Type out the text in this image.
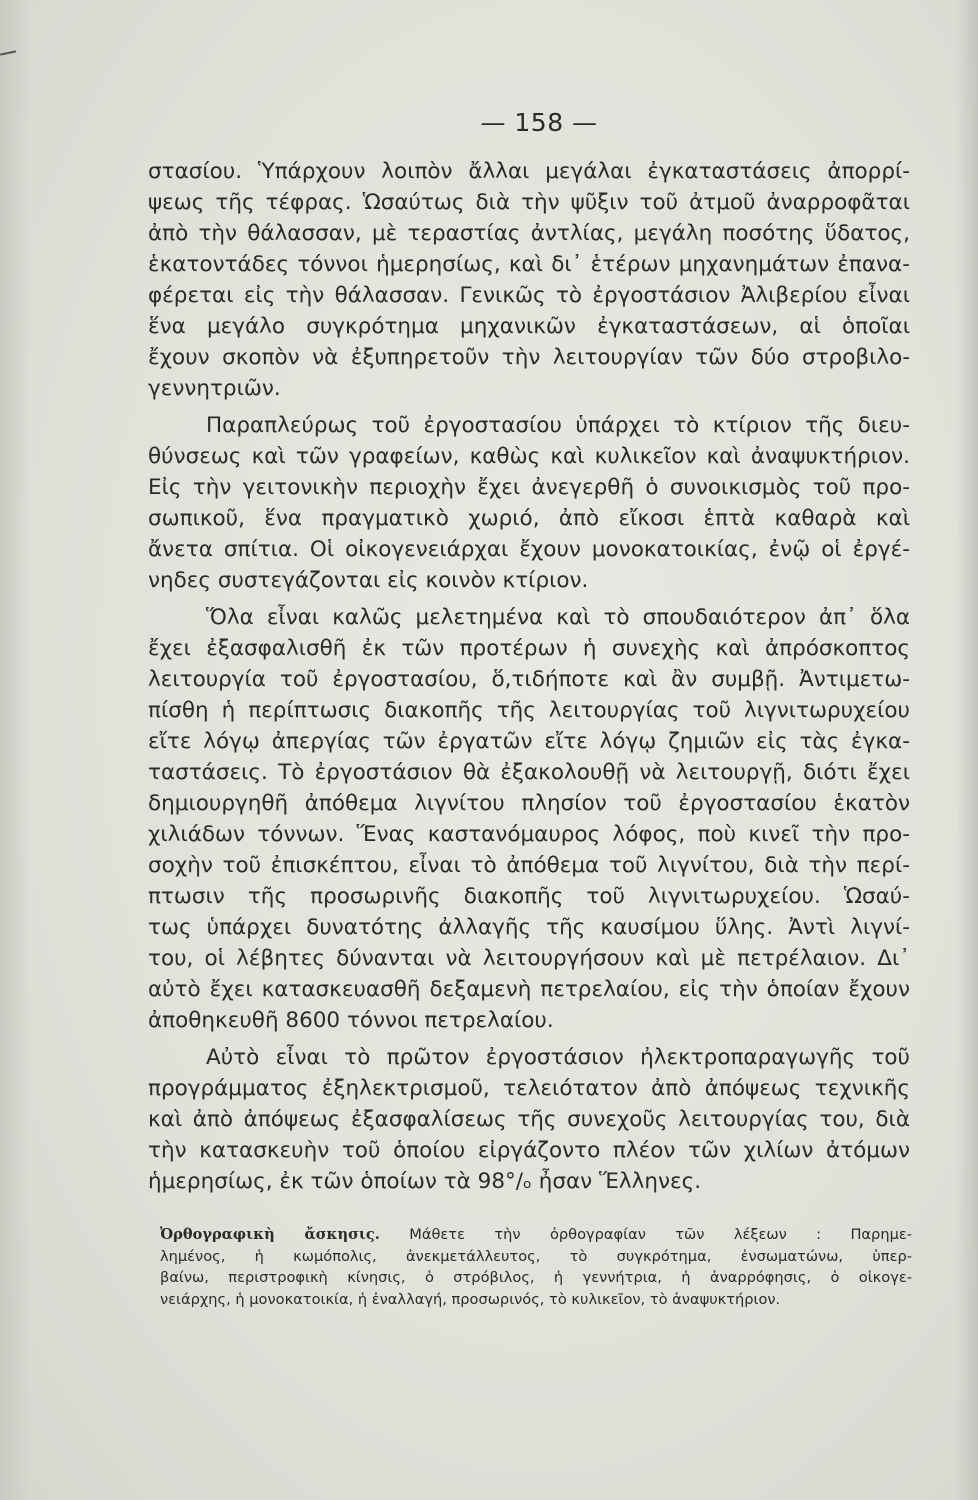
— 158 —
στασίου. Ὑπάρχουν λοιπὸν ἄλλαι μεγάλαι ἐγκαταστάσεις ἀπορρί-
ψεως τῆς τέφρας. Ὡσαύτως διὰ τὴν ψῦξιν τοῦ ἀτμοῦ ἀναρροφᾶται
ἀπὸ τὴν θάλασσαν, μὲ τεραστίας ἀντλίας, μεγάλη ποσότης ὕδατος,
ἑκατοντάδες τόννοι ἡμερησίως, καὶ δι᾿ ἑτέρων μηχανημάτων ἐπανα-
φέρεται εἰς τὴν θάλασσαν. Γενικῶς τὸ ἐργοστάσιον Ἀλιβερίου εἶναι
ἕνα μεγάλο συγκρότημα μηχανικῶν ἐγκαταστάσεων, αἱ ὁποῖαι
ἔχουν σκοπὸν νὰ ἐξυπηρετοῦν τὴν λειτουργίαν τῶν δύο στροβιλο-
γεννητριῶν.
Παραπλεύρως τοῦ ἐργοστασίου ὑπάρχει τὸ κτίριον τῆς διευ-
θύνσεως καὶ τῶν γραφείων, καθὼς καὶ κυλικεῖον καὶ ἀναψυκτήριον.
Εἰς τὴν γειτονικὴν περιοχὴν ἔχει ἀνεγερθῆ ὁ συνοικισμὸς τοῦ προ-
σωπικοῦ, ἕνα πραγματικὸ χωριό, ἀπὸ εἴκοσι ἑπτὰ καθαρὰ καὶ
ἄνετα σπίτια. Οἱ οἰκογενειάρχαι ἔχουν μονοκατοικίας, ἐνῷ οἱ ἐργέ-
νηδες συστεγάζονται εἰς κοινὸν κτίριον.
Ὅλα εἶναι καλῶς μελετημένα καὶ τὸ σπουδαιότερον ἀπ᾿ ὅλα
ἔχει ἐξασφαλισθῆ ἐκ τῶν προτέρων ἡ συνεχὴς καὶ ἀπρόσκοπτος
λειτουργία τοῦ ἐργοστασίου, ὅ,τιδήποτε καὶ ἂν συμβῇ. Ἀντιμετω-
πίσθη ἡ περίπτωσις διακοπῆς τῆς λειτουργίας τοῦ λιγνιτωρυχείου
εἴτε λόγῳ ἀπεργίας τῶν ἐργατῶν εἴτε λόγῳ ζημιῶν εἰς τὰς ἐγκα-
ταστάσεις. Τὸ ἐργοστάσιον θὰ ἐξακολουθῇ νὰ λειτουργῇ, διότι ἔχει
δημιουργηθῆ ἀπόθεμα λιγνίτου πλησίον τοῦ ἐργοστασίου ἑκατὸν
χιλιάδων τόννων. Ἕνας καστανόμαυρος λόφος, ποὺ κινεῖ τὴν προ-
σοχὴν τοῦ ἐπισκέπτου, εἶναι τὸ ἀπόθεμα τοῦ λιγνίτου, διὰ τὴν περί-
πτωσιν τῆς προσωρινῆς διακοπῆς τοῦ λιγνιτωρυχείου. Ὡσαύ-
τως ὑπάρχει δυνατότης ἀλλαγῆς τῆς καυσίμου ὕλης. Ἀντὶ λιγνί-
του, οἱ λέβητες δύνανται νὰ λειτουργήσουν καὶ μὲ πετρέλαιον. Δι᾿
αὐτὸ ἔχει κατασκευασθῆ δεξαμενὴ πετρελαίου, εἰς τὴν ὁποίαν ἔχουν
ἀποθηκευθῆ 8600 τόννοι πετρελαίου.
Αὐτὸ εἶναι τὸ πρῶτον ἐργοστάσιον ἠλεκτροπαραγωγῆς τοῦ
προγράμματος ἐξηλεκτρισμοῦ, τελειότατον ἀπὸ ἀπόψεως τεχνικῆς
καὶ ἀπὸ ἀπόψεως ἐξασφαλίσεως τῆς συνεχοῦς λειτουργίας του, διὰ
τὴν κατασκευὴν τοῦ ὁποίου εἰργάζοντο πλέον τῶν χιλίων ἀτόμων
ἡμερησίως, ἐκ τῶν ὁποίων τὰ 98°/ₒ ἦσαν Ἕλληνες.
Ὀρθογραφικὴ ἄσκησις. Μάθετε τὴν ὀρθογραφίαν τῶν λέξεων : Παρημε-
λημένος, ἡ κωμόπολις, ἀνεκμετάλλευτος, τὸ συγκρότημα, ἐνσωματώνω, ὑπερ-
βαίνω, περιστροφικὴ κίνησις, ὁ στρόβιλος, ἡ γεννήτρια, ἡ ἀναρρόφησις, ὁ οἰκογε-
νειάρχης, ἡ μονοκατοικία, ἡ ἐναλλαγή, προσωρινός, τὸ κυλικεῖον, τὸ ἀναψυκτήριον.
